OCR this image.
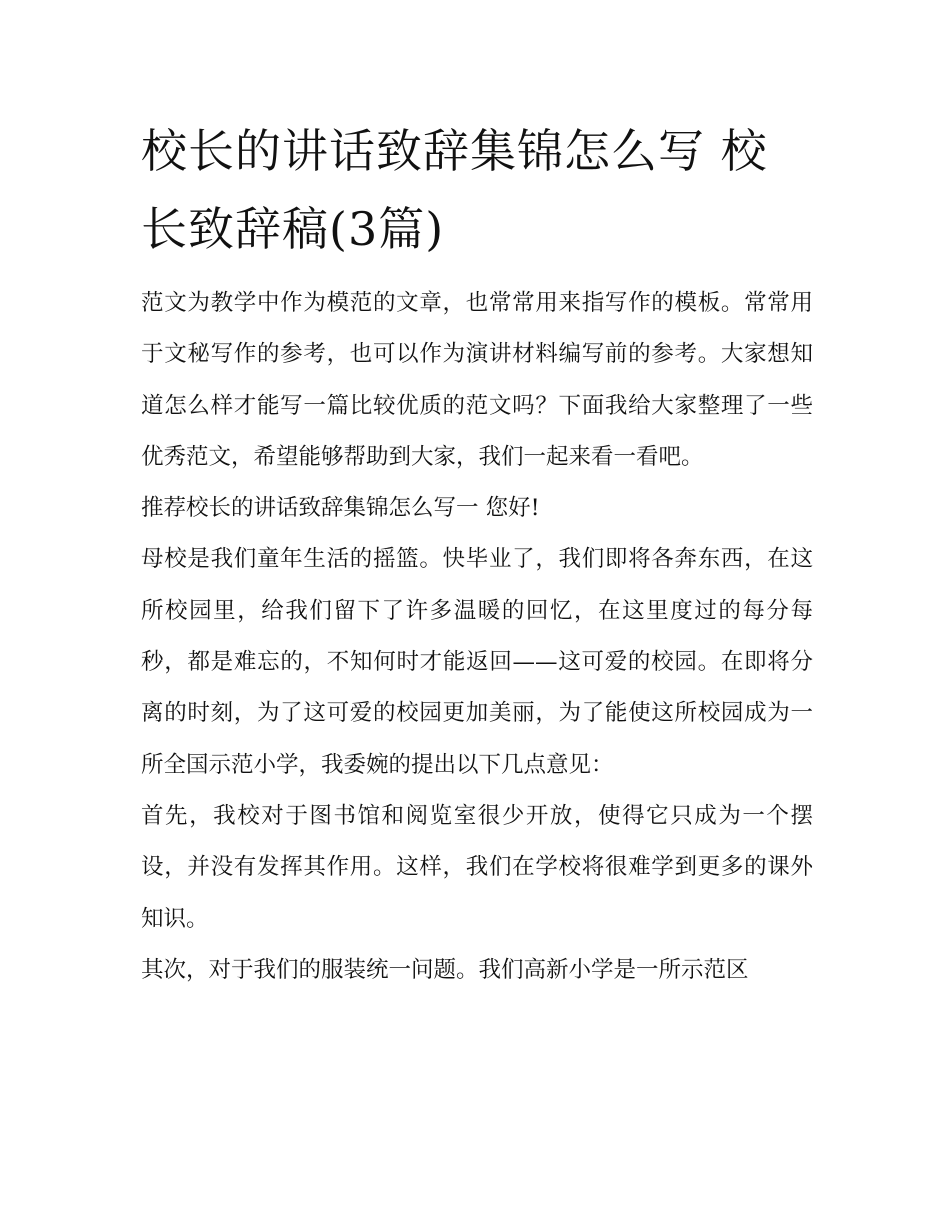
校长的讲话致辞集锦怎么写 校长致辞稿(3篇)

范文为教学中作为模范的文章，也常常用来指写作的模板。常常用于文秘写作的参考，也可以作为演讲材料编写前的参考。大家想知道怎么样才能写一篇比较优质的范文吗？下面我给大家整理了一些优秀范文，希望能够帮助到大家，我们一起来看一看吧。

推荐校长的讲话致辞集锦怎么写一 您好!

母校是我们童年生活的摇篮。快毕业了，我们即将各奔东西，在这所校园里，给我们留下了许多温暖的回忆，在这里度过的每分每秒，都是难忘的，不知何时才能返回——这可爱的校园。在即将分离的时刻，为了这可爱的校园更加美丽，为了能使这所校园成为一所全国示范小学，我委婉的提出以下几点意见：

首先，我校对于图书馆和阅览室很少开放，使得它只成为一个摆设，并没有发挥其作用。这样，我们在学校将很难学到更多的课外知识。

其次，对于我们的服装统一问题。我们高新小学是一所示范区
